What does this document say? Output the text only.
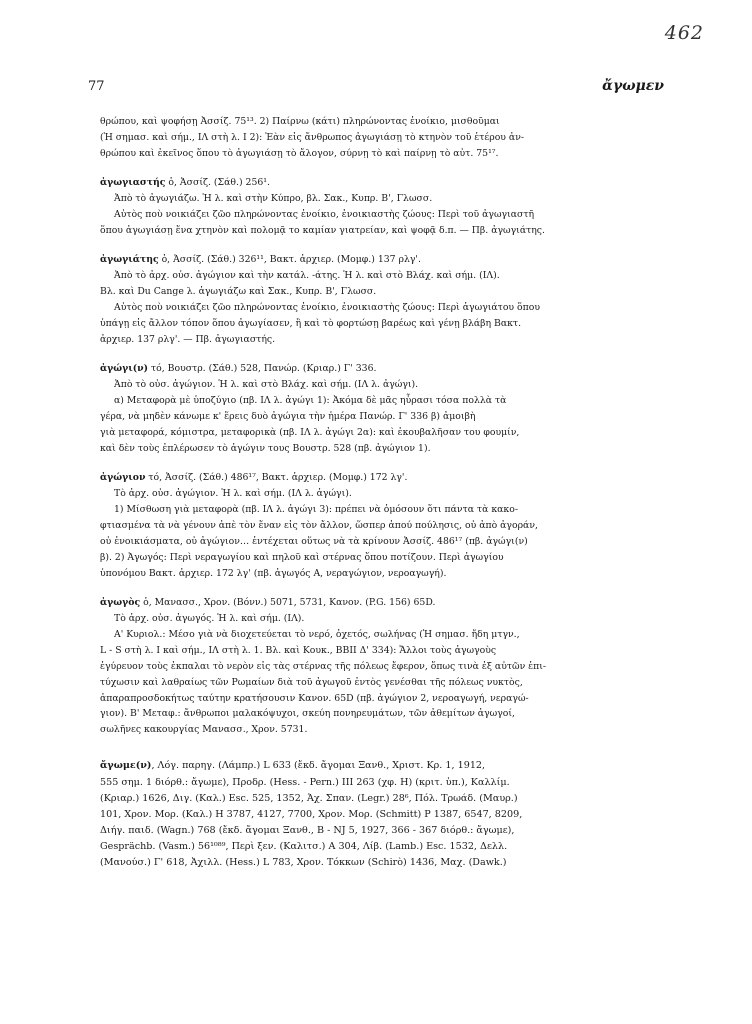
462
77	ἄγωμεν

θρώπου, καὶ ψοφήσῃ Ἀσσίζ. 75¹³. 2) Παίρνω (κάτι) πληρώνοντας ἐνοίκιο, μισθοῦμαι

(Ἡ σημασ. καὶ σήμ., ΙΛ στὴ λ. Ι 2): Ἐὰν εἰς ἄνθρωπος ἀγωγιάσῃ τὸ κτηνὸν τοῦ ἑτέρου ἀν-

θρώπου καὶ ἐκεῖνος ὅπου τὸ ἀγωγιάσῃ τὸ ἄλογον, σύρνῃ τὸ καὶ παίρνῃ τὸ αὐτ. 75¹⁷.

ἀγωγιαστής ὁ, Ἀσσίζ. (Σάθ.) 256¹.

Ἀπὸ τὸ ἀγωγιάζω. Ἡ λ. καὶ στὴν Κύπρο, βλ. Σακ., Κυπρ. Β', Γλωσσ.

Αὐτὸς ποὺ νοικιάζει ζῶο πληρώνοντας ἐνοίκιο, ἐνοικιαστὴς ζώους: Περὶ τοῦ ἀγωγιαστῆ

ὅπου ἀγωγιάσῃ ἕνα χτηνὸν καὶ πολομᾷ το καμίαν γιατρείαν, καὶ ψοφᾷ δ.π. — Πβ. ἀγωγιάτης.

ἀγωγιάτης ὁ, Ἀσσίζ. (Σάθ.) 326¹¹, Βακτ. ἀρχιερ. (Μομφ.) 137 ρλγ'.

Ἀπὸ τὸ ἀρχ. οὐσ. ἀγώγιον καὶ τὴν κατάλ. -άτης. Ἡ λ. καὶ στὸ Βλάχ. καὶ σήμ. (ΙΛ).

Βλ. καὶ Du Cange λ. ἀγωγιάζω καὶ Σακ., Κυπρ. Β', Γλωσσ.

Αὐτὸς ποὺ νοικιάζει ζῶο πληρώνοντας ἐνοίκιο, ἐνοικιαστὴς ζώους: Περὶ ἀγωγιάτου ὅπου

ὑπάγῃ εἰς ἄλλον τόπον ὅπου ἀγωγίασεν, ἢ καὶ τὸ φορτώσῃ βαρέως καὶ γένῃ βλάβη Βακτ.

ἀρχιερ. 137 ρλγ'. — Πβ. ἀγωγιαστής.

ἀγώγι(ν) τό, Βουστρ. (Σάθ.) 528, Πανώρ. (Κριαρ.) Γ' 336.

Ἀπὸ τὸ οὐσ. ἀγώγιον. Ἡ λ. καὶ στὸ Βλάχ. καὶ σήμ. (ΙΛ λ. ἀγώγι).

α) Μεταφορὰ μὲ ὑποζύγιο (πβ. ΙΛ λ. ἀγώγι 1): Ἀκόμα δὲ μᾶς ηὗρασι τόσα πολλὰ τὰ

γέρα, νὰ μηδὲν κάνωμε κ' ἕρεις δυὸ ἀγώγια τὴν ἡμέρα Πανώρ. Γ' 336 β) ἀμοιβὴ

γιὰ μεταφορά, κόμιστρα, μεταφορικὰ (πβ. ΙΛ λ. ἀγώγι 2α): καὶ ἐκουβαλῆσαν του φουμίν,

καὶ δὲν τοὺς ἐπλέρωσεν τὸ ἀγώγιν τους Βουστρ. 528 (πβ. ἀγώγιον 1).

ἀγώγιον τό, Ἀσσίζ. (Σάθ.) 486¹⁷, Βακτ. ἀρχιερ. (Μομφ.) 172 λγ'.

Τὸ ἀρχ. οὐσ. ἀγώγιον. Ἡ λ. καὶ σήμ. (ΙΛ λ. ἀγώγι).

1) Μίσθωση γιὰ μεταφορὰ (πβ. ΙΛ λ. ἀγώγι 3): πρέπει νὰ ὀμόσουν ὅτι πάντα τὰ κακο-

φτιασμένα τὰ νὰ γένουν ἀπὲ τὸν ἕναν εἰς τὸν ἄλλον, ὥσπερ ἀπού πούλησις, οὐ ἀπὸ ἀγοράν,

οὐ ἐνοικιάσματα, οὐ ἀγώγιον… ἐντέχεται οὕτως νὰ τὰ κρίνουν Ἀσσίζ. 486¹⁷ (πβ. ἀγώγι(ν)

β). 2) Ἀγωγός: Περὶ νεραγωγίου καὶ πηλοῦ καὶ στέρνας ὅπου ποτίζουν. Περὶ ἀγωγίου

ὑπονόμου Βακτ. ἀρχιερ. 172 λγ' (πβ. ἀγωγός Α, νεραγώγιον, νεροαγωγή).

ἀγωγὸς ὁ, Μανασσ., Χρον. (Βόνν.) 5071, 5731, Κανον. (P.G. 156) 65D.

Τὸ ἀρχ. οὐσ. ἀγωγός. Ἡ λ. καὶ σήμ. (ΙΛ).

Α' Κυριολ.: Μέσο γιὰ νὰ διοχετεύεται τὸ νερό, ὀχετός, σωλήνας (Ἡ σημασ. ἤδη μτγν.,

L - S στὴ λ. Ι καὶ σήμ., ΙΛ στὴ λ. 1. Βλ. καὶ Κουκ., ΒΒΙΙ Δ' 334): Ἄλλοι τοὺς ἀγωγοὺς

ἐγύρευον τοὺς ἐκπαλαι τὸ νερὸν εἰς τὰς στέρνας τῆς πόλεως ἔφερον, ὅπως τινὰ ἐξ αὐτῶν ἐπι-

τύχωσιν καὶ λαθραίως τῶν Ρωμαίων διὰ τοῦ ἀγωγοῦ ἐντὸς γενέσθαι τῆς πόλεως νυκτὸς,

ἀπαραπροσδοκήτως ταύτην κρατήσουσιν Κανον. 65D (πβ. ἀγώγιον 2, νεροαγωγή, νεραγώ-

γιον). Β' Μεταφ.: ἄνθρωποι μαλακόψυχοι, σκεύη πονηρευμάτων, τῶν ἀθεμίτων ἀγωγοί,

σωλῆνες κακουργίας Μανασσ., Χρον. 5731.

ἄγωμε(ν), Λόγ. παρηγ. (Λάμπρ.) L 633 (ἔκδ. ἄγομαι Ξανθ., Χριστ. Κρ. 1, 1912,

555 σημ. 1 διόρθ.: ἄγωμε), Προδρ. (Hess. - Pern.) ΙΙΙ 263 (χφ. Η) (κριτ. ὑπ.), Καλλίμ.

(Κριαρ.) 1626, Διγ. (Καλ.) Esc. 525, 1352, Ἀχ. Σπαν. (Legr.) 28⁶, Πόλ. Τρωάδ. (Μαυρ.)

101, Χρον. Μορ. (Καλ.) Η 3787, 4127, 7700, Χρον. Μορ. (Schmitt) Ρ 1387, 6547, 8209,

Διήγ. παιδ. (Wagn.) 768 (ἔκδ. ἄγομαι Ξανθ., Β - ΝJ 5, 1927, 366 - 367 διόρθ.: ἄγωμε),

Gesprächb. (Vasm.) 56¹⁰⁸⁹, Περὶ ξεν. (Καλιτσ.) Α 304, Λίβ. (Lamb.) Esc. 1532, Δελλ.

(Μανούσ.) Γ' 618, Ἀχιλλ. (Hess.) L 783, Χρον. Τόκκων (Schirò) 1436, Μαχ. (Dawk.)
